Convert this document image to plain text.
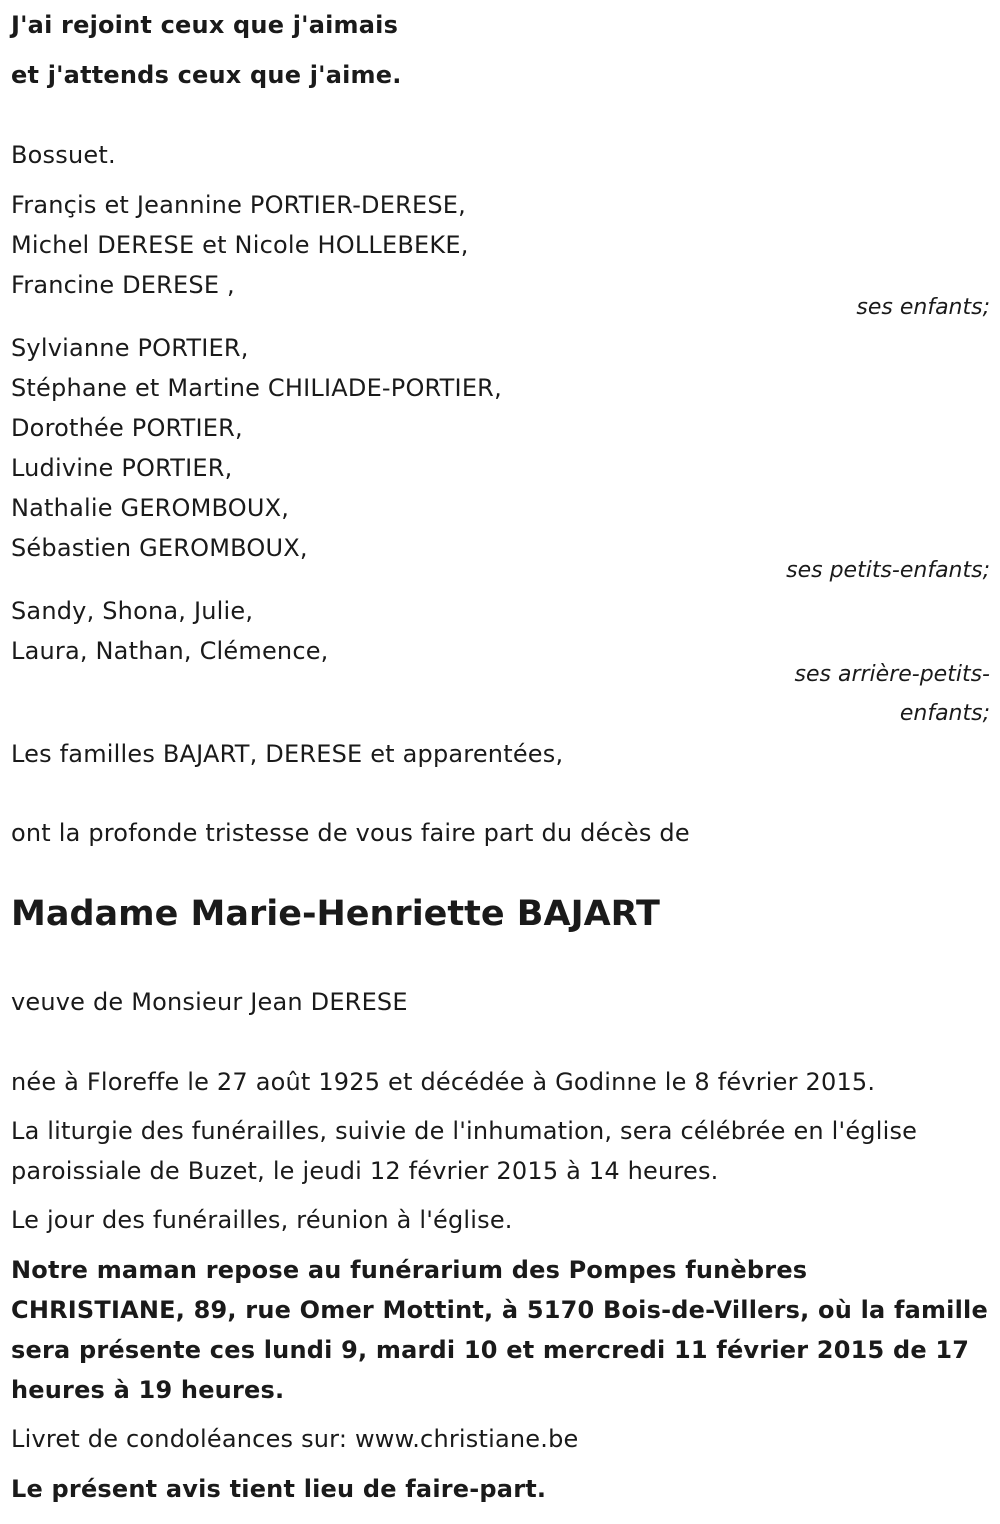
J'ai rejoint ceux que j'aimais
et j'attends ceux que j'aime.
Bossuet.
Françis et Jeannine PORTIER-DERESE,
Michel DERESE et Nicole HOLLEBEKE,
Francine DERESE ,
ses enfants;
Sylvianne PORTIER,
Stéphane et Martine CHILIADE-PORTIER,
Dorothée PORTIER,
Ludivine PORTIER,
Nathalie GEROMBOUX,
Sébastien GEROMBOUX,
ses petits-enfants;
Sandy, Shona, Julie,
Laura, Nathan, Clémence,
ses arrière-petits-
enfants;
Les familles BAJART, DERESE et apparentées,
ont la profonde tristesse de vous faire part du décès de
Madame Marie-Henriette BAJART
veuve de Monsieur Jean DERESE
née à Floreffe le 27 août 1925 et décédée à Godinne le 8 février 2015.
La liturgie des funérailles, suivie de l'inhumation, sera célébrée en l'église
paroissiale de Buzet, le jeudi 12 février 2015 à 14 heures.
Le jour des funérailles, réunion à l'église.
Notre maman repose au funérarium des Pompes funèbres
CHRISTIANE, 89, rue Omer Mottint, à 5170 Bois-de-Villers, où la famille
sera présente ces lundi 9, mardi 10 et mercredi 11 février 2015 de 17
heures à 19 heures.
Livret de condoléances sur: www.christiane.be
Le présent avis tient lieu de faire-part.
